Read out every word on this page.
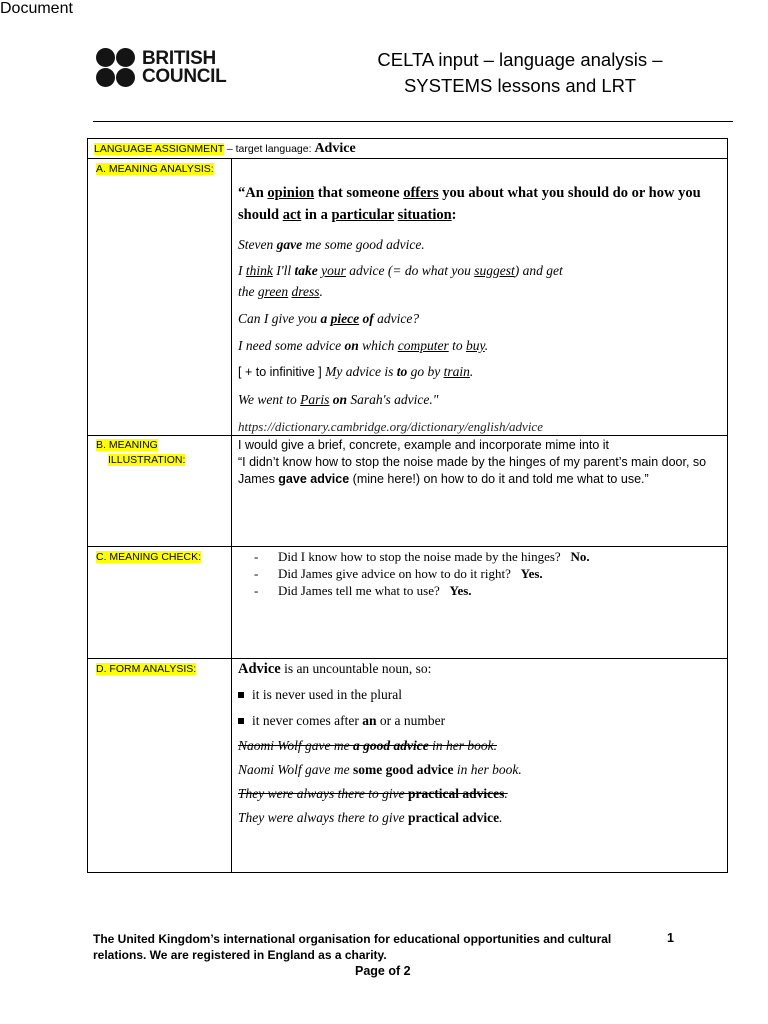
Document
BRITISH
COUNCIL
CELTA input – language analysis –
SYSTEMS lessons and LRT
LANGUAGE ASSIGNMENT – target language: Advice
A. MEANING ANALYSIS:
“An opinion that someone offers you about what you should do or how you should act in a particular situation:
Steven gave me some good advice.
I think I'll take your advice (= do what you suggest) and get
the green dress.
Can I give you a piece of advice?
I need some advice on which computer to buy.
[ + to infinitive ] My advice is to go by train.
We went to Paris on Sarah's advice."
https://dictionary.cambridge.org/dictionary/english/advice
B. MEANING
ILLUSTRATION:
I would give a brief, concrete, example and incorporate mime into it
“I didn’t know how to stop the noise made by the hinges of my parent’s main door, so James gave advice (mine here!) on how to do it and told me what to use.”
C. MEANING CHECK:	-	Did I know how to stop the noise made by the hinges?
No.
-	Did James give advice on how to do it right?
Yes.
-	Did James tell me what to use?
Yes.
D. FORM ANALYSIS:	Advice is an uncountable noun, so:
it is never used in the plural
it never comes after an or a number
Naomi Wolf gave me a good advice in her book.
Naomi Wolf gave me some good advice in her book.
They were always there to give practical advices.
They were always there to give practical advice.
The United Kingdom’s international organisation for educational opportunities and cultural relations. We are registered in England as a charity.
1
Page of 2
